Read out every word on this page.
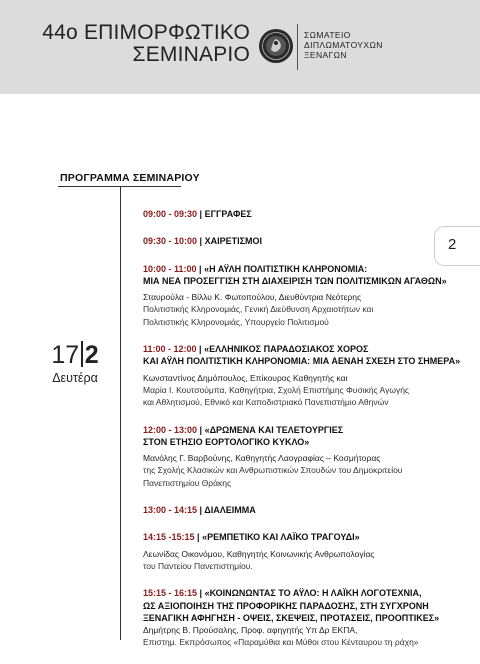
44ο ΕΠΙΜΟΡΦΩΤΙΚΟ
ΣΕΜΙΝΑΡΙΟ
ΣΩΜΑΤΕΙΟ
ΔΙΠΛΩΜΑΤΟΥΧΩΝ
ΞΕΝΑΓΩΝ
ΠΡΟΓΡΑΜΜΑ ΣΕΜΙΝΑΡΙΟΥ
2
17 2
Δευτέρα
09:00 - 09:30 | ΕΓΓΡΑΦΕΣ
09:30 - 10:00 | ΧΑΙΡΕΤΙΣΜΟΙ
10:00 - 11:00 | «Η ΑΫΛΗ ΠΟΛΙΤΙΣΤΙΚΗ ΚΛΗΡΟΝΟΜΙΑ:
ΜΙΑ ΝΕΑ ΠΡΟΣΕΓΓΙΣΗ ΣΤΗ ΔΙΑΧΕΙΡΙΣΗ ΤΩΝ ΠΟΛΙΤΙΣΜΙΚΩΝ ΑΓΑΘΩΝ»
Σταυρούλα - Βίλλυ Κ. Φωτοπούλου, Διευθύντρια Νεότερης
Πολιτιστικής Κληρονομιάς, Γενική Διεύθυνση Αρχαιοτήτων και
Πολιτιστικής Κληρονομιάς, Υπουργείο Πολιτισμού
11:00 - 12:00 | «ΕΛΛΗΝΙΚΟΣ ΠΑΡΑΔΟΣΙΑΚΟΣ ΧΟΡΟΣ
ΚΑΙ ΑΫΛΗ ΠΟΛΙΤΙΣΤΙΚΗ ΚΛΗΡΟΝΟΜΙΑ: ΜΙΑ ΑΕΝΑΗ ΣΧΕΣΗ ΣΤΟ ΣΗΜΕΡΑ»
Κωνσταντίνος Δημόπουλος, Επίκουρος Καθηγητής και
Μαρία Ι. Κουτσούμπα, Καθηγήτρια, Σχολή Επιστήμης Φυσικής Αγωγής
και Αθλητισμού, Εθνικό και Καποδιστριακό Πανεπιστήμιο Αθηνών
12:00 - 13:00 | «ΔΡΩΜΕΝΑ ΚΑΙ ΤΕΛΕΤΟΥΡΓΙΕΣ
ΣΤΟΝ ΕΤΗΣΙΟ ΕΟΡΤΟΛΟΓΙΚΟ ΚΥΚΛΟ»
Μανόλης Γ. Βαρβούνης, Καθηγητής Λαογραφίας – Κοσμήτορας
της Σχολής Κλασικών και Ανθρωπιστικών Σπουδών του Δημοκριτείου
Πανεπιστημίου Θράκης
13:00 - 14:15 | ΔΙΑΛΕΙΜΜΑ
14:15 -15:15 | «ΡΕΜΠΕΤΙΚΟ ΚΑΙ ΛΑΪΚΟ ΤΡΑΓΟΥΔΙ»
Λεωνίδας Οικονόμου, Καθηγητής Κοινωνικής Ανθρωπολογίας
του Παντείου Πανεπιστημίου.
15:15 - 16:15 | «ΚΟΙΝΩΝΩΝΤΑΣ ΤΟ ΑΫΛΟ: Η ΛΑΪΚΗ ΛΟΓΟΤΕΧΝΙΑ,
ΩΣ ΑΞΙΟΠΟΙΗΣΗ ΤΗΣ ΠΡΟΦΟΡΙΚΗΣ ΠΑΡΑΔΟΣΗΣ, ΣΤΗ ΣΥΓΧΡΟΝΗ
ΞΕΝΑΓΙΚΗ ΑΦΗΓΗΣΗ - ΟΨΕΙΣ, ΣΚΕΨΕΙΣ, ΠΡΟΤΑΣΕΙΣ, ΠΡΟΟΠΤΙΚΕΣ»
Δημήτρης Β. Προύσαλης, Προφ. αφηγητής Υπ Δρ ΕΚΠΑ,
Επιστημ. Εκπρόσωπος «Παραμύθια και Μύθοι στου Κένταυρου τη ράχη»
